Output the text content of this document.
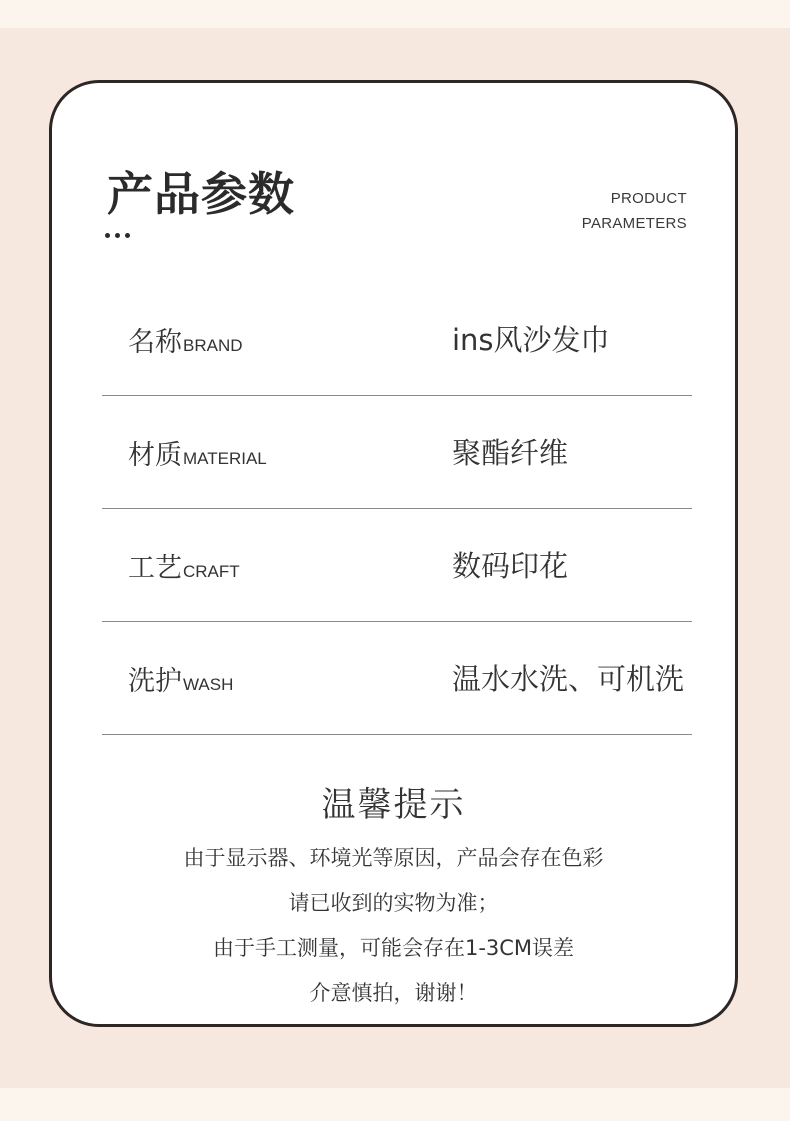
产品参数	PRODUCT
PARAMETERS
名称BRAND	ins风沙发巾
材质MATERIAL	聚酯纤维
工艺CRAFT	数码印花
洗护WASH	温水水洗、可机洗
温馨提示
由于显示器、环境光等原因，产品会存在色彩
请已收到的实物为准；
由于手工测量，可能会存在1-3CM误差
介意慎拍，谢谢！
